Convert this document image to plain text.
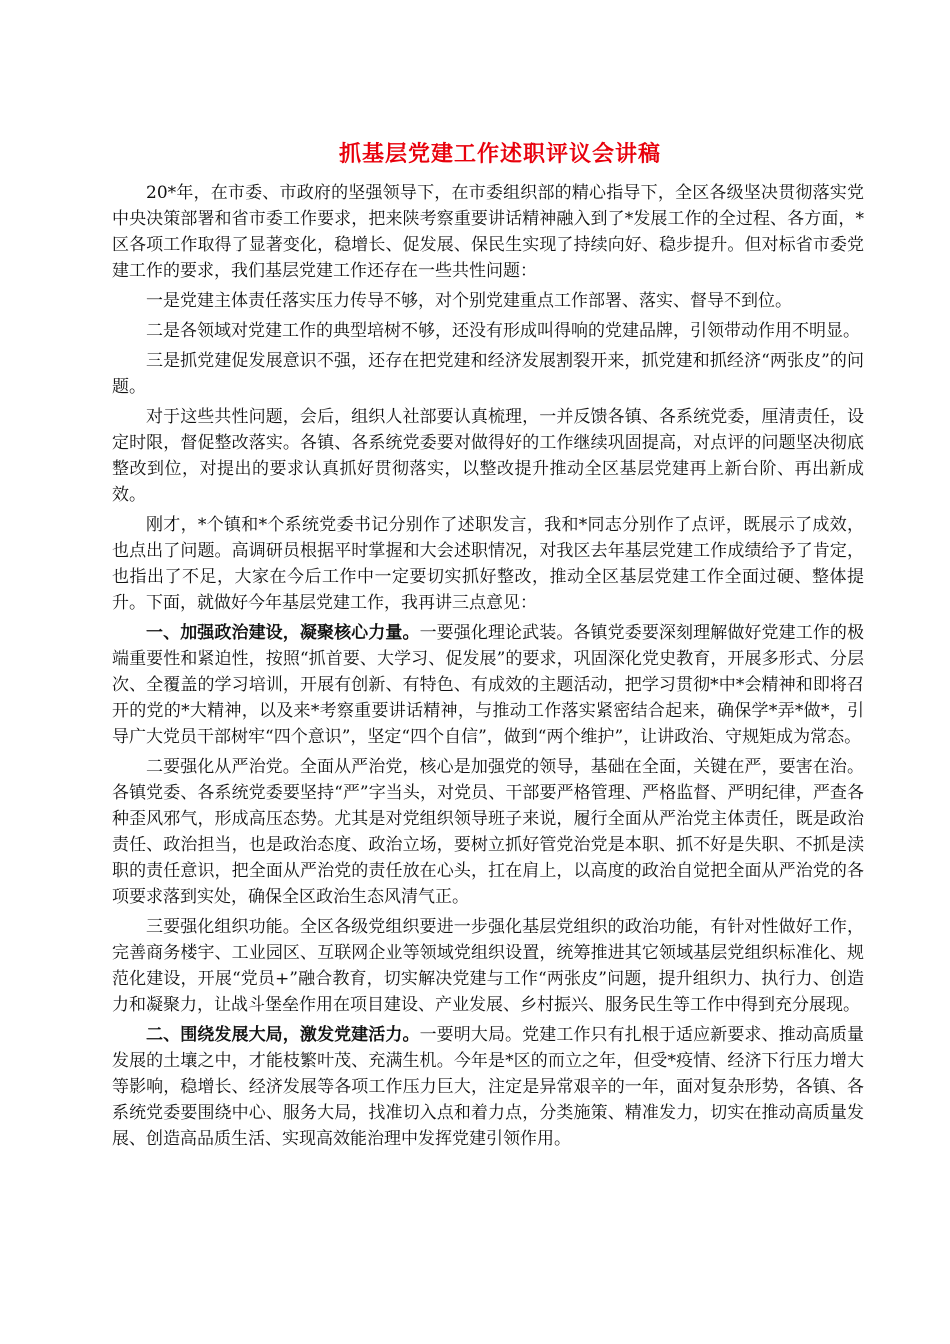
抓基层党建工作述职评议会讲稿

20*年，在市委、市政府的坚强领导下，在市委组织部的精心指导下，全区各级坚决贯彻落实党中央决策部署和省市委工作要求，把来陕考察重要讲话精神融入到了*发展工作的全过程、各方面，*区各项工作取得了显著变化，稳增长、促发展、保民生实现了持续向好、稳步提升。但对标省市委党建工作的要求，我们基层党建工作还存在一些共性问题：

一是党建主体责任落实压力传导不够，对个别党建重点工作部署、落实、督导不到位。

二是各领域对党建工作的典型培树不够，还没有形成叫得响的党建品牌，引领带动作用不明显。

三是抓党建促发展意识不强，还存在把党建和经济发展割裂开来，抓党建和抓经济“两张皮”的问题。

对于这些共性问题，会后，组织人社部要认真梳理，一并反馈各镇、各系统党委，厘清责任，设定时限，督促整改落实。各镇、各系统党委要对做得好的工作继续巩固提高，对点评的问题坚决彻底整改到位，对提出的要求认真抓好贯彻落实，以整改提升推动全区基层党建再上新台阶、再出新成效。

刚才，*个镇和*个系统党委书记分别作了述职发言，我和*同志分别作了点评，既展示了成效，也点出了问题。高调研员根据平时掌握和大会述职情况，对我区去年基层党建工作成绩给予了肯定，也指出了不足，大家在今后工作中一定要切实抓好整改，推动全区基层党建工作全面过硬、整体提升。下面，就做好今年基层党建工作，我再讲三点意见：

一、加强政治建设，凝聚核心力量。一要强化理论武装。各镇党委要深刻理解做好党建工作的极端重要性和紧迫性，按照“抓首要、大学习、促发展”的要求，巩固深化党史教育，开展多形式、分层次、全覆盖的学习培训，开展有创新、有特色、有成效的主题活动，把学习贯彻*中*会精神和即将召开的党的*大精神，以及来*考察重要讲话精神，与推动工作落实紧密结合起来，确保学*弄*做*，引导广大党员干部树牢“四个意识”，坚定“四个自信”，做到“两个维护”，让讲政治、守规矩成为常态。

二要强化从严治党。全面从严治党，核心是加强党的领导，基础在全面，关键在严，要害在治。各镇党委、各系统党委要坚持“严”字当头，对党员、干部要严格管理、严格监督、严明纪律，严查各种歪风邪气，形成高压态势。尤其是对党组织领导班子来说，履行全面从严治党主体责任，既是政治责任、政治担当，也是政治态度、政治立场，要树立抓好管党治党是本职、抓不好是失职、不抓是渎职的责任意识，把全面从严治党的责任放在心头，扛在肩上，以高度的政治自觉把全面从严治党的各项要求落到实处，确保全区政治生态风清气正。

三要强化组织功能。全区各级党组织要进一步强化基层党组织的政治功能，有针对性做好工作，完善商务楼宇、工业园区、互联网企业等领域党组织设置，统筹推进其它领域基层党组织标准化、规范化建设，开展“党员+”融合教育，切实解决党建与工作“两张皮”问题，提升组织力、执行力、创造力和凝聚力，让战斗堡垒作用在项目建设、产业发展、乡村振兴、服务民生等工作中得到充分展现。

二、围绕发展大局，激发党建活力。一要明大局。党建工作只有扎根于适应新要求、推动高质量发展的土壤之中，才能枝繁叶茂、充满生机。今年是*区的而立之年，但受*疫情、经济下行压力增大等影响，稳增长、经济发展等各项工作压力巨大，注定是异常艰辛的一年，面对复杂形势，各镇、各系统党委要围绕中心、服务大局，找准切入点和着力点，分类施策、精准发力，切实在推动高质量发展、创造高品质生活、实现高效能治理中发挥党建引领作用。
